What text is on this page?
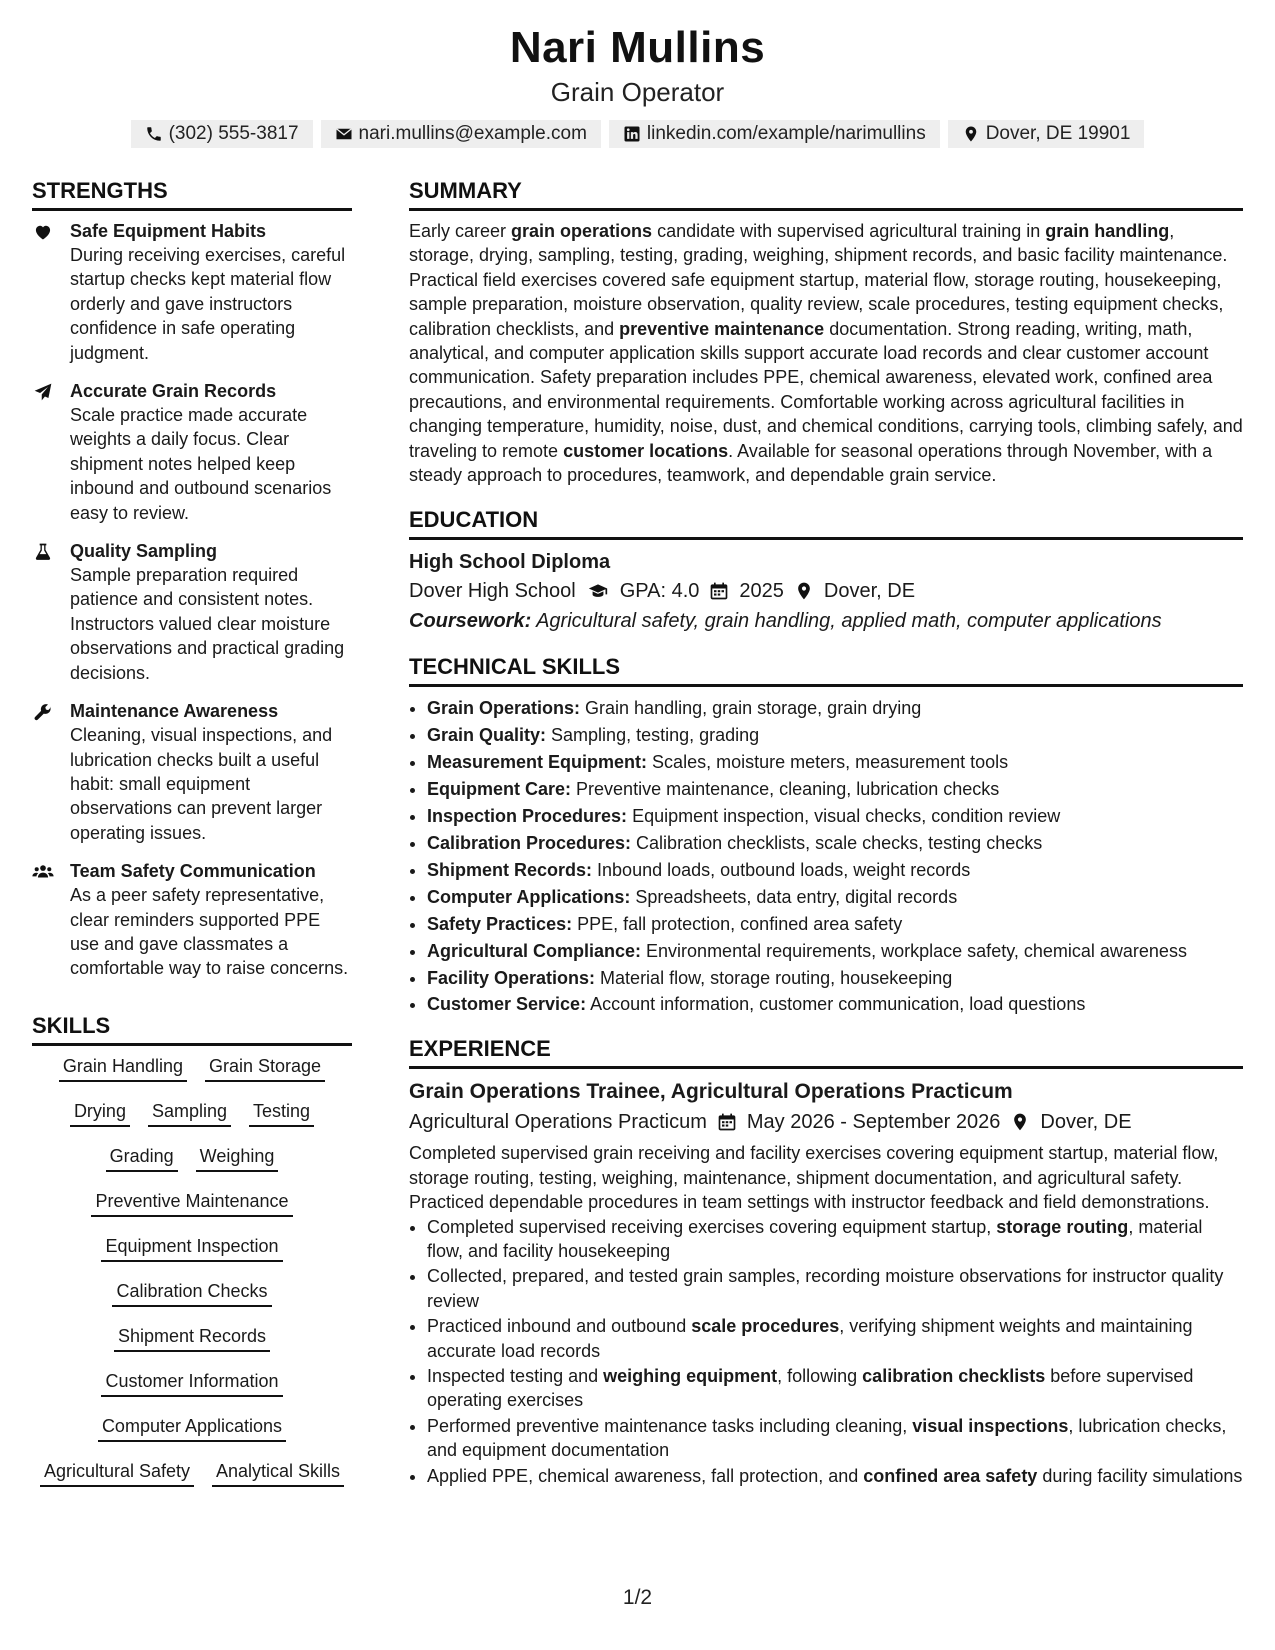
Nari Mullins
Grain Operator
(302) 555-3817	nari.mullins@example.com	linkedin.com/example/narimullins	Dover, DE 19901
STRENGTHS
Safe Equipment Habits
During receiving exercises, careful startup checks kept material flow orderly and gave instructors confidence in safe operating judgment.
Accurate Grain Records
Scale practice made accurate weights a daily focus. Clear shipment notes helped keep inbound and outbound scenarios easy to review.
Quality Sampling
Sample preparation required patience and consistent notes. Instructors valued clear moisture observations and practical grading decisions.
Maintenance Awareness
Cleaning, visual inspections, and lubrication checks built a useful habit: small equipment observations can prevent larger operating issues.
Team Safety Communication
As a peer safety representative, clear reminders supported PPE use and gave classmates a comfortable way to raise concerns.
SKILLS
Grain Handling Grain Storage
Drying Sampling Testing
Grading Weighing
Preventive Maintenance
Equipment Inspection
Calibration Checks
Shipment Records
Customer Information
Computer Applications
Agricultural Safety Analytical Skills
SUMMARY

Early career grain operations candidate with supervised agricultural training in grain handling, storage, drying, sampling, testing, grading, weighing, shipment records, and basic facility maintenance. Practical field exercises covered safe equipment startup, material flow, storage routing, housekeeping, sample preparation, moisture observation, quality review, scale procedures, testing equipment checks, calibration checklists, and preventive maintenance documentation. Strong reading, writing, math, analytical, and computer application skills support accurate load records and clear customer account communication. Safety preparation includes PPE, chemical awareness, elevated work, confined area precautions, and environmental requirements. Comfortable working across agricultural facilities in changing temperature, humidity, noise, dust, and chemical conditions, carrying tools, climbing safely, and traveling to remote customer locations. Available for seasonal operations through November, with a steady approach to procedures, teamwork, and dependable grain service.

EDUCATION
High School Diploma
Dover High School GPA: 4.0 2025 Dover, DE
Coursework: Agricultural safety, grain handling, applied math, computer applications
TECHNICAL SKILLS
• Grain Operations: Grain handling, grain storage, grain drying
• Grain Quality: Sampling, testing, grading
• Measurement Equipment: Scales, moisture meters, measurement tools
• Equipment Care: Preventive maintenance, cleaning, lubrication checks
• Inspection Procedures: Equipment inspection, visual checks, condition review
• Calibration Procedures: Calibration checklists, scale checks, testing checks
• Shipment Records: Inbound loads, outbound loads, weight records
• Computer Applications: Spreadsheets, data entry, digital records
• Safety Practices: PPE, fall protection, confined area safety
• Agricultural Compliance: Environmental requirements, workplace safety, chemical awareness
• Facility Operations: Material flow, storage routing, housekeeping
• Customer Service: Account information, customer communication, load questions
EXPERIENCE
Grain Operations Trainee, Agricultural Operations Practicum
Agricultural Operations Practicum May 2026 - September 2026 Dover, DE

Completed supervised grain receiving and facility exercises covering equipment startup, material flow, storage routing, testing, weighing, maintenance, shipment documentation, and agricultural safety. Practiced dependable procedures in team settings with instructor feedback and field demonstrations.

• Completed supervised receiving exercises covering equipment startup, storage routing, material flow, and facility housekeeping
• Collected, prepared, and tested grain samples, recording moisture observations for instructor quality review
• Practiced inbound and outbound scale procedures, verifying shipment weights and maintaining accurate load records
• Inspected testing and weighing equipment, following calibration checklists before supervised operating exercises
• Performed preventive maintenance tasks including cleaning, visual inspections, lubrication checks, and equipment documentation
• Applied PPE, chemical awareness, fall protection, and confined area safety during facility simulations
1/2
